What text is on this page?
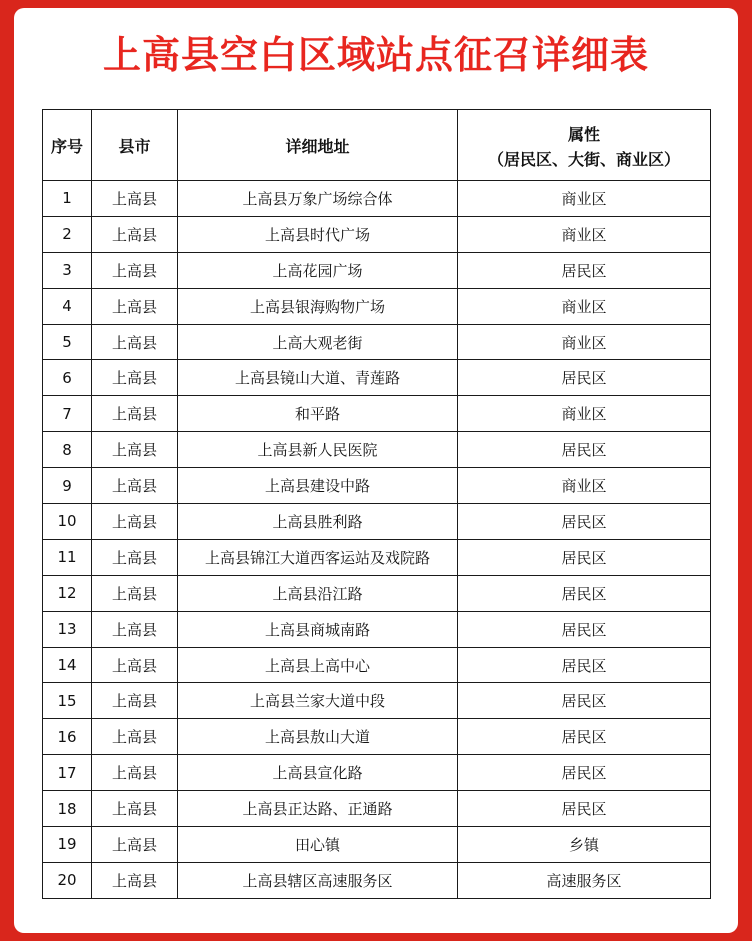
上高县空白区域站点征召详细表
序号	县市	详细地址	属性
（居民区、大街、商业区）

1	上高县	上高县万象广场综合体	商业区
2	上高县	上高县时代广场	商业区
3	上高县	上高花园广场	居民区
4	上高县	上高县银海购物广场	商业区
5	上高县	上高大观老街	商业区
6	上高县	上高县镜山大道、青莲路	居民区
7	上高县	和平路	商业区
8	上高县	上高县新人民医院	居民区
9	上高县	上高县建设中路	商业区
10	上高县	上高县胜利路	居民区
11	上高县	上高县锦江大道西客运站及戏院路	居民区
12	上高县	上高县沿江路	居民区
13	上高县	上高县商城南路	居民区
14	上高县	上高县上高中心	居民区
15	上高县	上高县兰家大道中段	居民区
16	上高县	上高县敖山大道	居民区
17	上高县	上高县宣化路	居民区
18	上高县	上高县正达路、正通路	居民区
19	上高县	田心镇	乡镇
20	上高县	上高县辖区高速服务区	高速服务区
